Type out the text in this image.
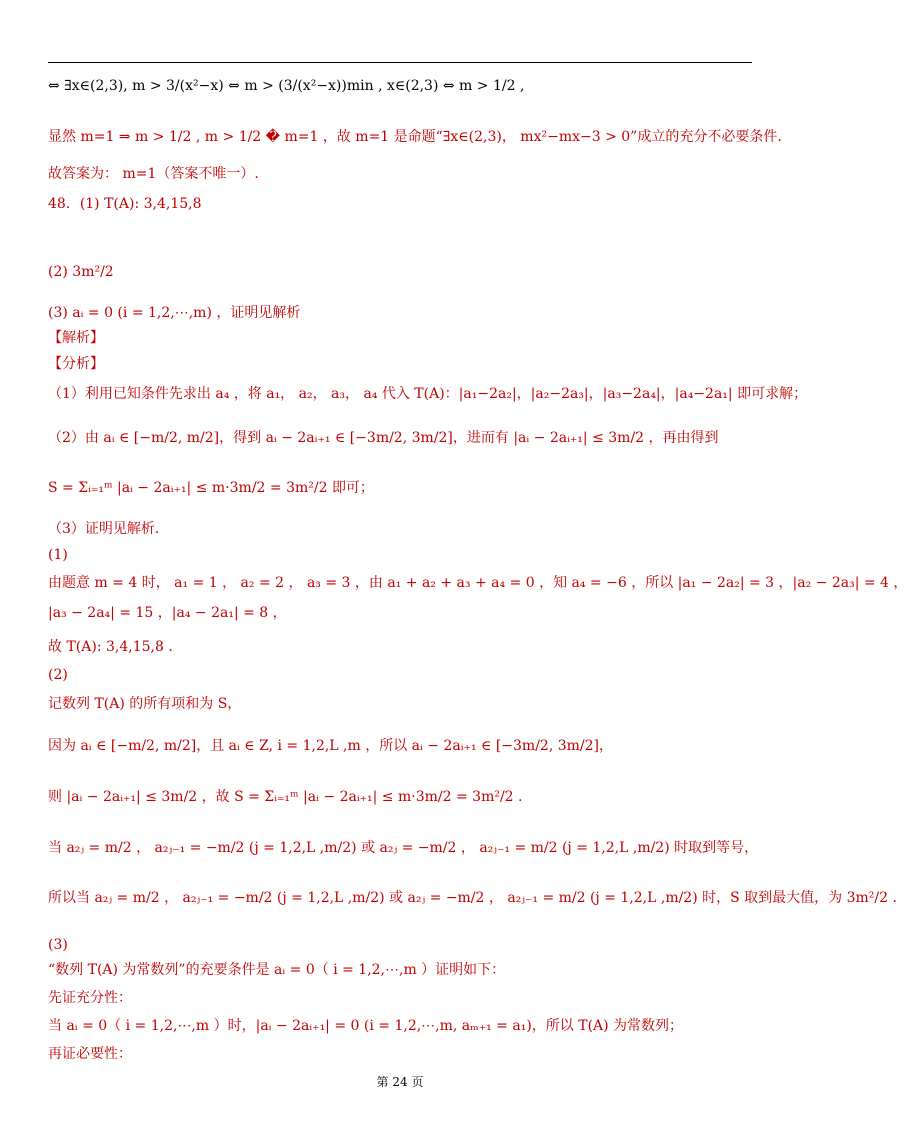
⇔ ∃x∈(2,3), m > 3/(x²−x) ⇔ m > (3/(x²−x))min , x∈(2,3) ⇔ m > 1/2 ,
显然 m=1 ⇒ m > 1/2 , m > 1/2 � m=1 ，故 m=1 是命题“∃x∈(2,3)， mx²−mx−3 > 0”成立的充分不必要条件.
故答案为： m=1（答案不唯一）.
48．(1) T(A): 3,4,15,8
(2) 3m²/2
(3) aᵢ = 0 (i = 1,2,⋯,m) ，证明见解析
【解析】
【分析】
（1）利用已知条件先求出 a₄ ，将 a₁， a₂， a₃， a₄ 代入 T(A)：|a₁−2a₂|，|a₂−2a₃|，|a₃−2a₄|，|a₄−2a₁| 即可求解；
（2）由 aᵢ ∈ [−m/2, m/2]，得到 aᵢ − 2aᵢ₊₁ ∈ [−3m/2, 3m/2]，进而有 |aᵢ − 2aᵢ₊₁| ≤ 3m/2 ，再由得到
S = Σᵢ₌₁ᵐ |aᵢ − 2aᵢ₊₁| ≤ m·3m/2 = 3m²/2 即可；
（3）证明见解析.
(1)
由题意 m = 4 时， a₁ = 1 ， a₂ = 2 ， a₃ = 3 ，由 a₁ + a₂ + a₃ + a₄ = 0 ，知 a₄ = −6 ，所以 |a₁ − 2a₂| = 3 ，|a₂ − 2a₃| = 4 ，
|a₃ − 2a₄| = 15 ，|a₄ − 2a₁| = 8 ，
故 T(A): 3,4,15,8 .
(2)
记数列 T(A) 的所有项和为 S，
因为 aᵢ ∈ [−m/2, m/2]，且 aᵢ ∈ Z, i = 1,2,L ,m ，所以 aᵢ − 2aᵢ₊₁ ∈ [−3m/2, 3m/2]，
则 |aᵢ − 2aᵢ₊₁| ≤ 3m/2 ，故 S = Σᵢ₌₁ᵐ |aᵢ − 2aᵢ₊₁| ≤ m·3m/2 = 3m²/2 .
当 a₂ⱼ = m/2 ， a₂ⱼ₋₁ = −m/2 (j = 1,2,L ,m/2) 或 a₂ⱼ = −m/2 ， a₂ⱼ₋₁ = m/2 (j = 1,2,L ,m/2) 时取到等号，
所以当 a₂ⱼ = m/2 ， a₂ⱼ₋₁ = −m/2 (j = 1,2,L ,m/2) 或 a₂ⱼ = −m/2 ， a₂ⱼ₋₁ = m/2 (j = 1,2,L ,m/2) 时，S 取到最大值，为 3m²/2 .
(3)
“数列 T(A) 为常数列”的充要条件是 aᵢ = 0（ i = 1,2,⋯,m ）证明如下：
先证充分性：
当 aᵢ = 0（ i = 1,2,⋯,m ）时，|aᵢ − 2aᵢ₊₁| = 0 (i = 1,2,⋯,m, aₘ₊₁ = a₁)，所以 T(A) 为常数列；
再证必要性：
第 24 页
